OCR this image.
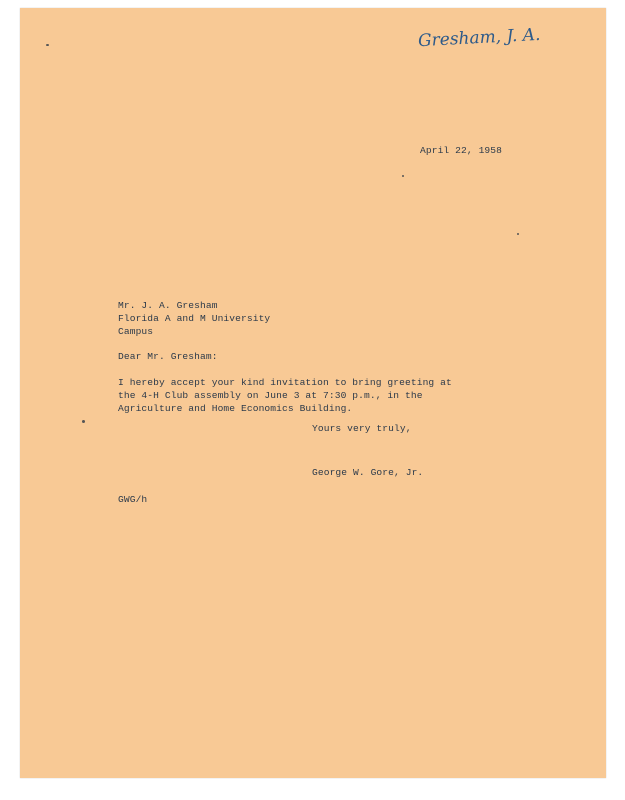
Gresham, J. A.
April 22, 1958
Mr. J. A. Gresham
Florida A and M University
Campus
Dear Mr. Gresham:
I hereby accept your kind invitation to bring greeting at
the 4-H Club assembly on June 3 at 7:30 p.m., in the
Agriculture and Home Economics Building.
Yours very truly,
George W. Gore, Jr.
GWG/h
